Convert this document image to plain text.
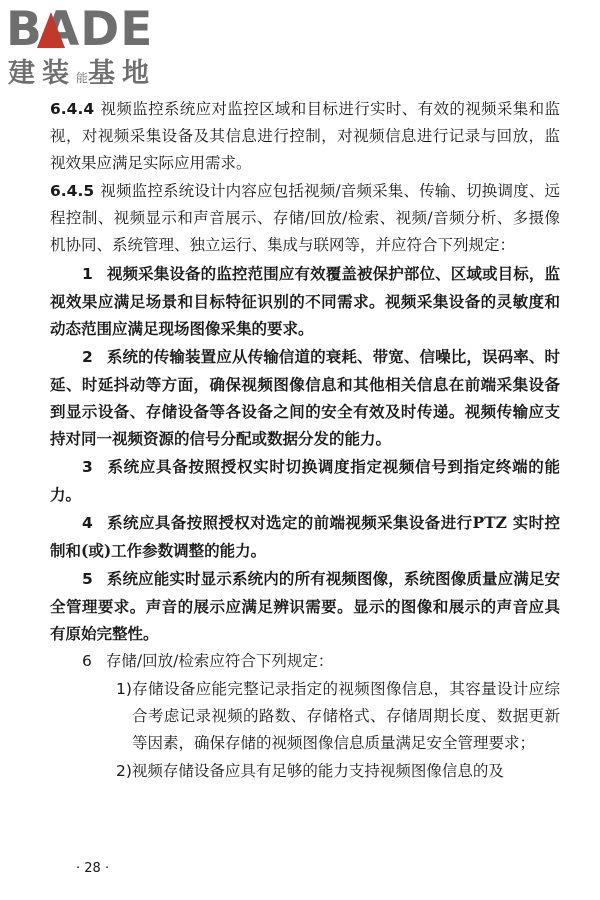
BADE
建装能基地

6.4.4 视频监控系统应对监控区域和目标进行实时、有效的视频采集和监视，对视频采集设备及其信息进行控制，对视频信息进行记录与回放，监视效果应满足实际应用需求。

6.4.5 视频监控系统设计内容应包括视频/音频采集、传输、切换调度、远程控制、视频显示和声音展示、存储/回放/检索、视频/音频分析、多摄像机协同、系统管理、独立运行、集成与联网等，并应符合下列规定：

1 视频采集设备的监控范围应有效覆盖被保护部位、区域或目标，监视效果应满足场景和目标特征识别的不同需求。视频采集设备的灵敏度和动态范围应满足现场图像采集的要求。

2 系统的传输装置应从传输信道的衰耗、带宽、信噪比，误码率、时延、时延抖动等方面，确保视频图像信息和其他相关信息在前端采集设备到显示设备、存储设备等各设备之间的安全有效及时传递。视频传输应支持对同一视频资源的信号分配或数据分发的能力。

3 系统应具备按照授权实时切换调度指定视频信号到指定终端的能力。

4 系统应具备按照授权对选定的前端视频采集设备进行PTZ 实时控制和(或)工作参数调整的能力。

5 系统应能实时显示系统内的所有视频图像，系统图像质量应满足安全管理要求。声音的展示应满足辨识需要。显示的图像和展示的声音应具有原始完整性。

6 存储/回放/检索应符合下列规定：

1)存储设备应能完整记录指定的视频图像信息，其容量设计应综合考虑记录视频的路数、存储格式、存储周期长度、数据更新等因素，确保存储的视频图像信息质量满足安全管理要求；

2)视频存储设备应具有足够的能力支持视频图像信息的及

· 28 ·
